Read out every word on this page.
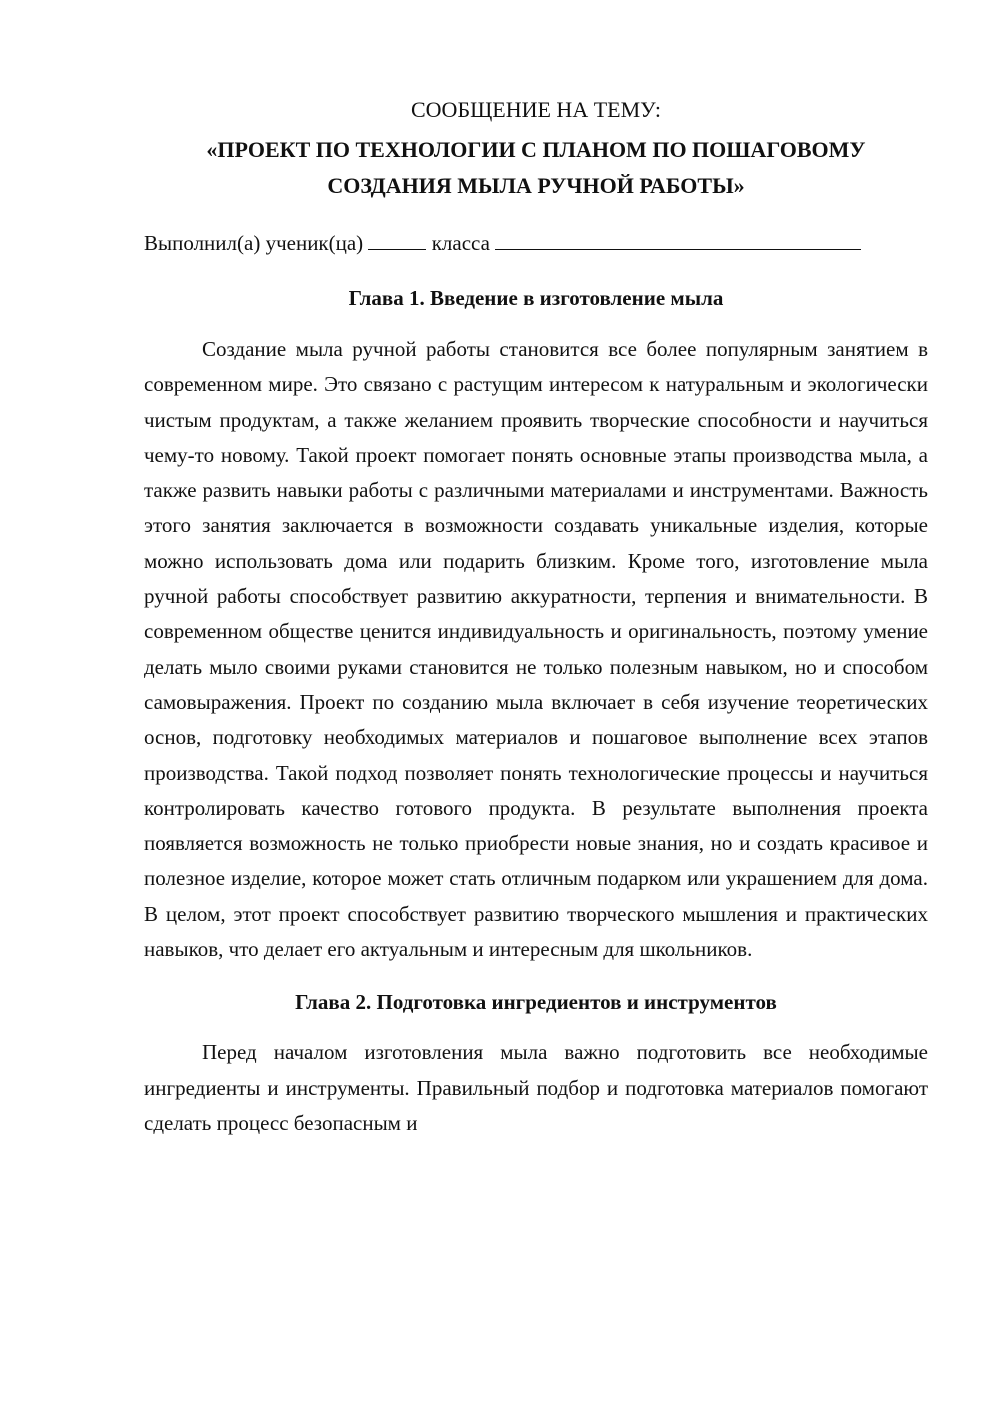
СООБЩЕНИЕ НА ТЕМУ:

«ПРОЕКТ ПО ТЕХНОЛОГИИ С ПЛАНОМ ПО ПОШАГОВОМУ
СОЗДАНИЯ МЫЛА РУЧНОЙ РАБОТЫ»

Выполнил(а) ученик(ца)	класса

Глава 1. Введение в изготовление мыла

Создание мыла ручной работы становится все более популярным занятием в современном мире. Это связано с растущим интересом к натуральным и экологически чистым продуктам, а также желанием проявить творческие способности и научиться чему-то новому. Такой проект помогает понять основные этапы производства мыла, а также развить навыки работы с различными материалами и инструментами. Важность этого занятия заключается в возможности создавать уникальные изделия, которые можно использовать дома или подарить близким. Кроме того, изготовление мыла ручной работы способствует развитию аккуратности, терпения и внимательности. В современном обществе ценится индивидуальность и оригинальность, поэтому умение делать мыло своими руками становится не только полезным навыком, но и способом самовыражения. Проект по созданию мыла включает в себя изучение теоретических основ, подготовку необходимых материалов и пошаговое выполнение всех этапов производства. Такой подход позволяет понять технологические процессы и научиться контролировать качество готового продукта. В результате выполнения проекта появляется возможность не только приобрести новые знания, но и создать красивое и полезное изделие, которое может стать отличным подарком или украшением для дома. В целом, этот проект способствует развитию творческого мышления и практических навыков, что делает его актуальным и интересным для школьников.

Глава 2. Подготовка ингредиентов и инструментов

Перед началом изготовления мыла важно подготовить все необходимые ингредиенты и инструменты. Правильный подбор и подготовка материалов помогают сделать процесс безопасным и
